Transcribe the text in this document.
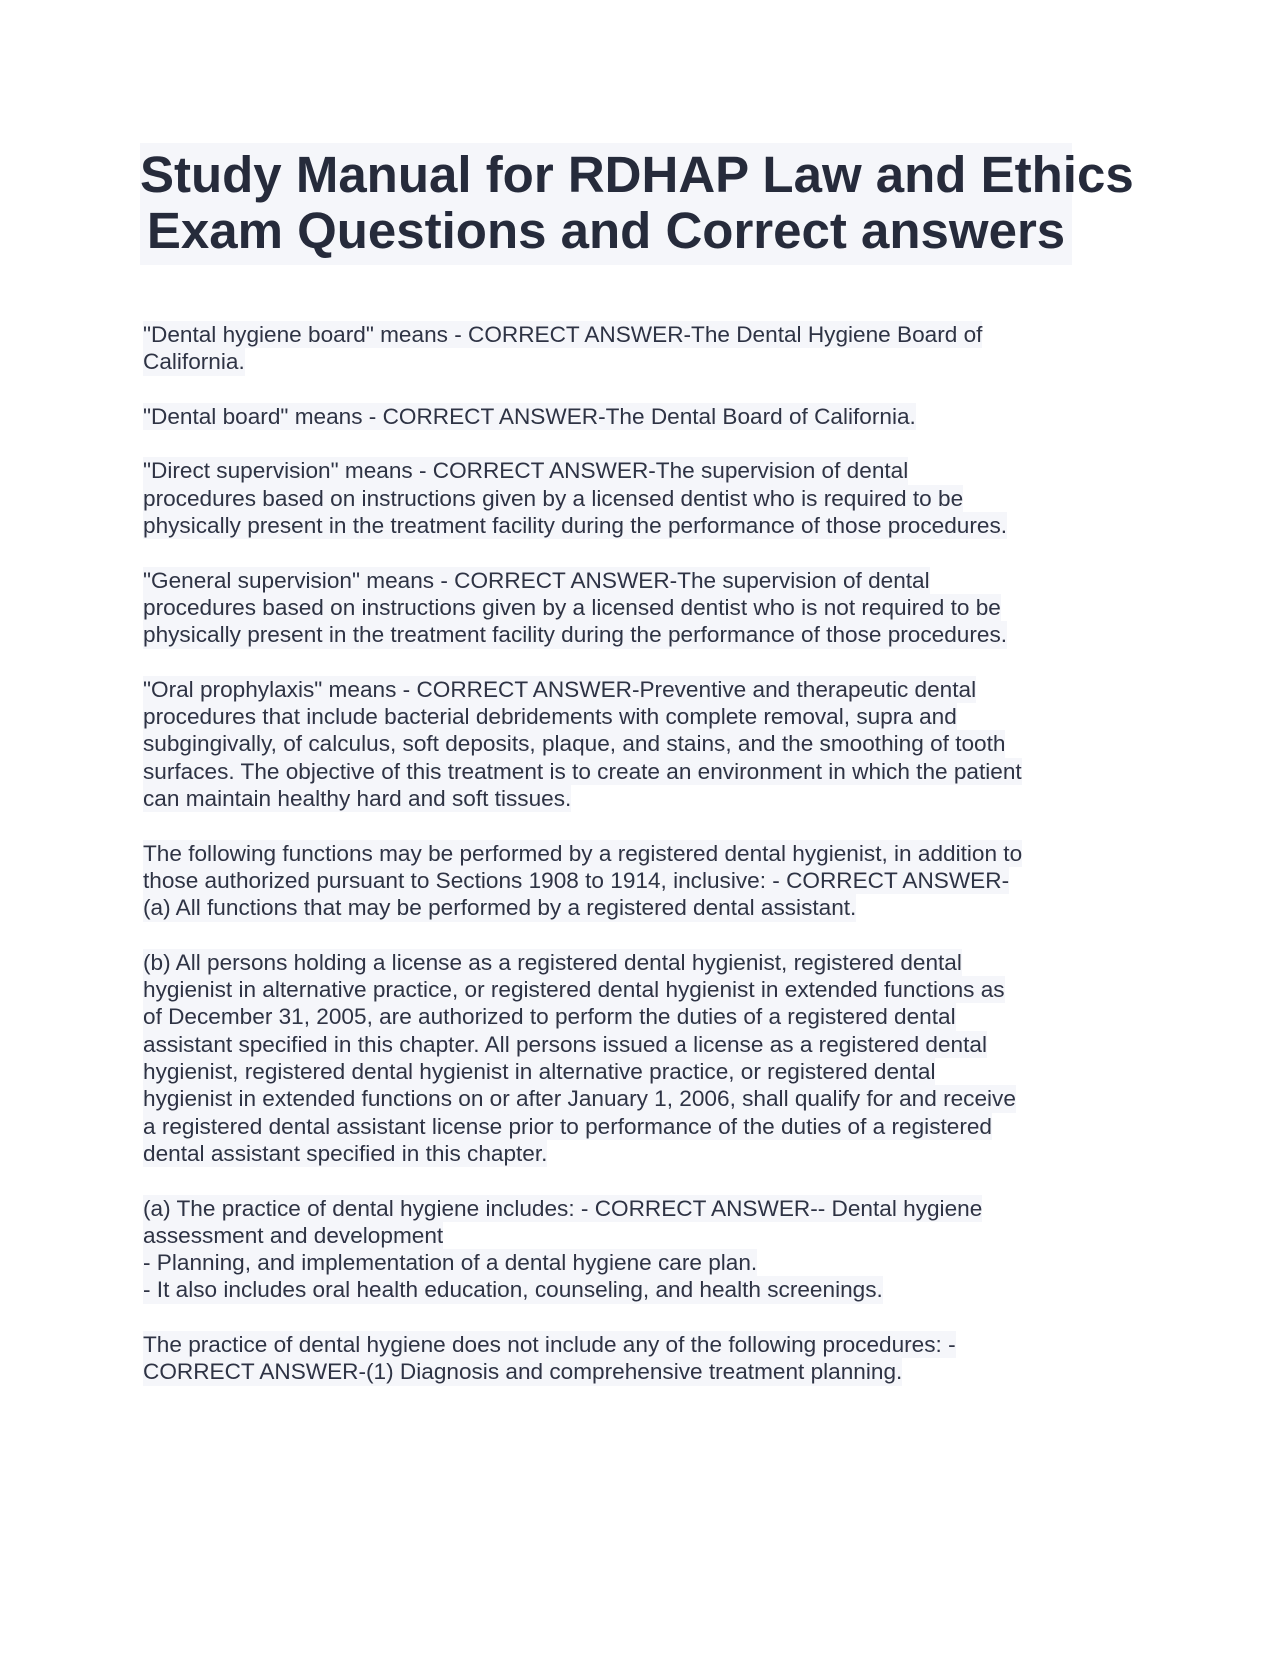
Study Manual for RDHAP Law and Ethics
Exam Questions and Correct answers
"Dental hygiene board" means - CORRECT ANSWER-The Dental Hygiene Board of
California.
"Dental board" means - CORRECT ANSWER-The Dental Board of California.
"Direct supervision" means - CORRECT ANSWER-The supervision of dental
procedures based on instructions given by a licensed dentist who is required to be
physically present in the treatment facility during the performance of those procedures.
"General supervision" means - CORRECT ANSWER-The supervision of dental
procedures based on instructions given by a licensed dentist who is not required to be
physically present in the treatment facility during the performance of those procedures.
"Oral prophylaxis" means - CORRECT ANSWER-Preventive and therapeutic dental
procedures that include bacterial debridements with complete removal, supra and
subgingivally, of calculus, soft deposits, plaque, and stains, and the smoothing of tooth
surfaces. The objective of this treatment is to create an environment in which the patient
can maintain healthy hard and soft tissues.
The following functions may be performed by a registered dental hygienist, in addition to
those authorized pursuant to Sections 1908 to 1914, inclusive: - CORRECT ANSWER-
(a) All functions that may be performed by a registered dental assistant.
(b) All persons holding a license as a registered dental hygienist, registered dental
hygienist in alternative practice, or registered dental hygienist in extended functions as
of December 31, 2005, are authorized to perform the duties of a registered dental
assistant specified in this chapter. All persons issued a license as a registered dental
hygienist, registered dental hygienist in alternative practice, or registered dental
hygienist in extended functions on or after January 1, 2006, shall qualify for and receive
a registered dental assistant license prior to performance of the duties of a registered
dental assistant specified in this chapter.
(a) The practice of dental hygiene includes: - CORRECT ANSWER-- Dental hygiene
assessment and development
- Planning, and implementation of a dental hygiene care plan.
- It also includes oral health education, counseling, and health screenings.
The practice of dental hygiene does not include any of the following procedures: -
CORRECT ANSWER-(1) Diagnosis and comprehensive treatment planning.
